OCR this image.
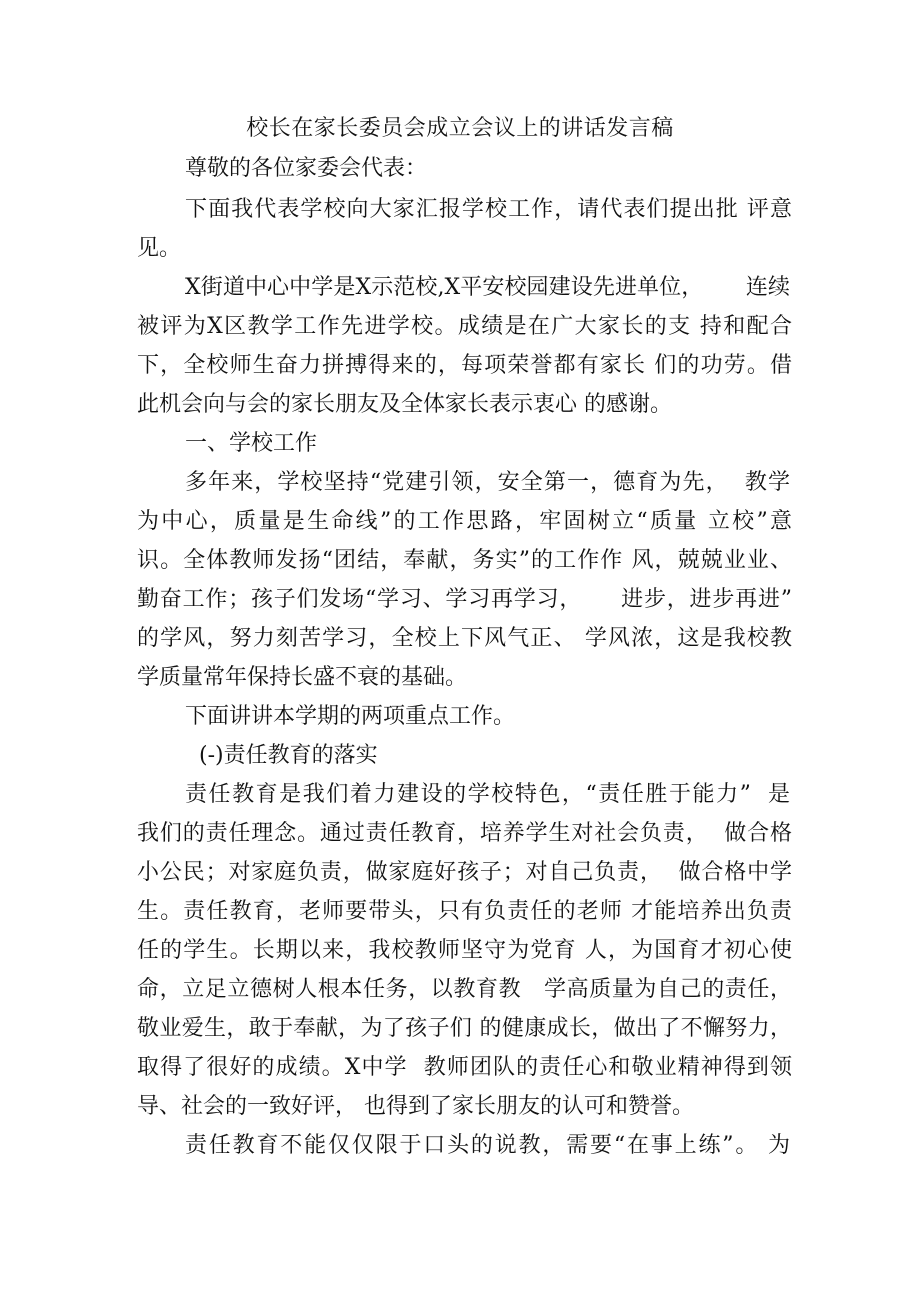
校长在家长委员会成立会议上的讲话发言稿
尊敬的各位家委会代表：
下面我代表学校向大家汇报学校工作，请代表们提出批 评意
见。
X街道中心中学是X示范校,X平安校园建设先进单位，      连续
被评为X区教学工作先进学校。成绩是在广大家长的支 持和配合
下，全校师生奋力拼搏得来的，每项荣誉都有家长 们的功劳。借
此机会向与会的家长朋友及全体家长表示衷心 的感谢。
一、学校工作
多年来，学校坚持“党建引领，安全第一，德育为先，  教学
为中心，质量是生命线”的工作思路，牢固树立“质量 立校”意
识。全体教师发扬“团结，奉献，务实”的工作作 风，兢兢业业、
勤奋工作；孩子们发场“学习、学习再学习，     进步，进步再进”
的学风，努力刻苦学习，全校上下风气正、 学风浓，这是我校教
学质量常年保持长盛不衰的基础。
下面讲讲本学期的两项重点工作。
(-)责任教育的落实
责任教育是我们着力建设的学校特色，“责任胜于能力”  是
我们的责任理念。通过责任教育，培养学生对社会负责，  做合格
小公民；对家庭负责，做家庭好孩子；对自己负责，  做合格中学
生。责任教育，老师要带头，只有负责任的老师 才能培养出负责
任的学生。长期以来，我校教师坚守为党育 人，为国育才初心使
命，立足立德树人根本任务，以教育教   学高质量为自己的责任，
敬业爱生，敢于奉献，为了孩子们 的健康成长，做出了不懈努力，
取得了很好的成绩。X中学  教师团队的责任心和敬业精神得到领
导、社会的一致好评， 也得到了家长朋友的认可和赞誉。
责任教育不能仅仅限于口头的说教，需要“在事上练”。 为
